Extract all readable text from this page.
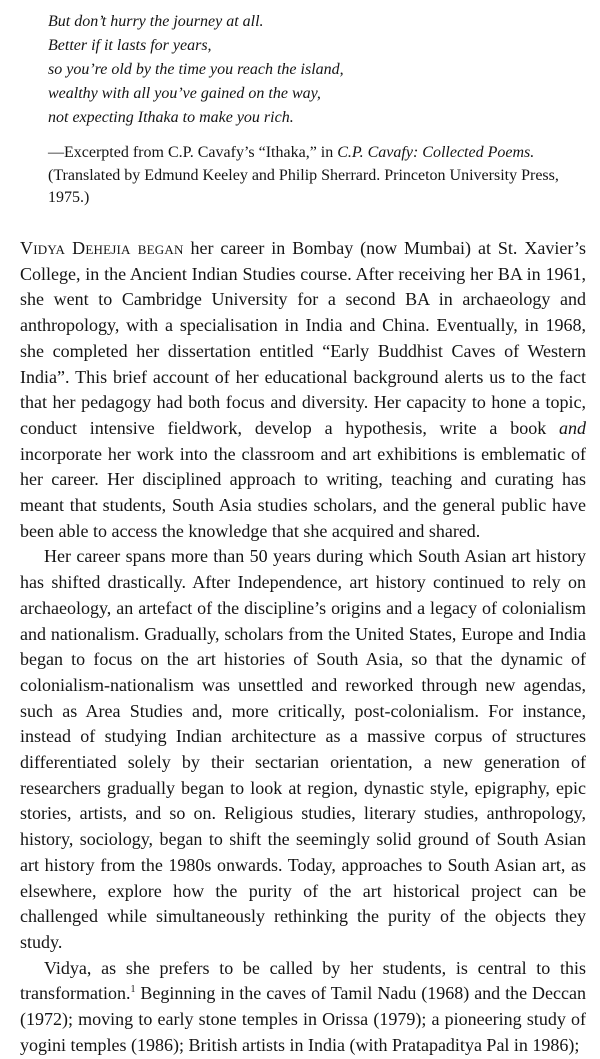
But don’t hurry the journey at all.
Better if it lasts for years,
so you’re old by the time you reach the island,
wealthy with all you’ve gained on the way,
not expecting Ithaka to make you rich.

—Excerpted from C.P. Cavafy’s “Ithaka,” in C.P. Cavafy: Collected Poems.

(Translated by Edmund Keeley and Philip Sherrard. Princeton University Press, 1975.)

Vidya Dehejia began her career in Bombay (now Mumbai) at St. Xavier’s College, in the Ancient Indian Studies course. After receiving her BA in 1961, she went to Cambridge University for a second BA in archaeology and anthropology, with a specialisation in India and China. Eventually, in 1968, she completed her dissertation entitled “Early Buddhist Caves of Western India”. This brief account of her educational background alerts us to the fact that her pedagogy had both focus and diversity. Her capacity to hone a topic, conduct intensive fieldwork, develop a hypothesis, write a book and incorporate her work into the classroom and art exhibitions is emblematic of her career. Her disciplined approach to writing, teaching and curating has meant that students, South Asia studies scholars, and the general public have been able to access the knowledge that she acquired and shared.

Her career spans more than 50 years during which South Asian art history has shifted drastically. After Independence, art history continued to rely on archaeology, an artefact of the discipline’s origins and a legacy of colonialism and nationalism. Gradually, scholars from the United States, Europe and India began to focus on the art histories of South Asia, so that the dynamic of colonialism-nationalism was unsettled and reworked through new agendas, such as Area Studies and, more critically, post-colonialism. For instance, instead of studying Indian architecture as a massive corpus of structures differentiated solely by their sectarian orientation, a new generation of researchers gradually began to look at region, dynastic style, epigraphy, epic stories, artists, and so on. Religious studies, literary studies, anthropology, history, sociology, began to shift the seemingly solid ground of South Asian art history from the 1980s onwards. Today, approaches to South Asian art, as elsewhere, explore how the purity of the art historical project can be challenged while simultaneously rethinking the purity of the objects they study.

Vidya, as she prefers to be called by her students, is central to this transformation.$^1$ Beginning in the caves of Tamil Nadu (1968) and the Deccan (1972); moving to early stone temples in Orissa (1979); a pioneering study of yogini temples (1986); British artists in India (with Pratapaditya Pal in 1986);
